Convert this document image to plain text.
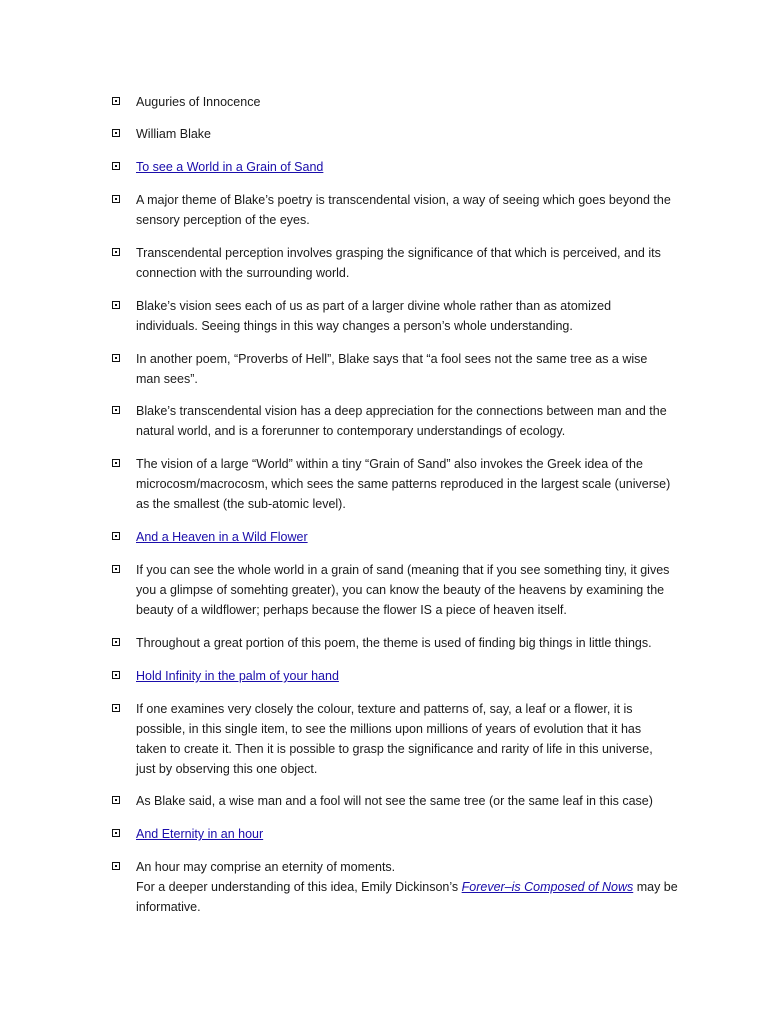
Auguries of Innocence
William Blake
To see a World in a Grain of Sand
A major theme of Blake’s poetry is transcendental vision, a way of seeing which goes beyond the
sensory perception of the eyes.
Transcendental perception involves grasping the significance of that which is perceived, and its
connection with the surrounding world.
Blake’s vision sees each of us as part of a larger divine whole rather than as atomized
individuals. Seeing things in this way changes a person’s whole understanding.
In another poem, “Proverbs of Hell”, Blake says that “a fool sees not the same tree as a wise
man sees”.
Blake’s transcendental vision has a deep appreciation for the connections between man and the
natural world, and is a forerunner to contemporary understandings of ecology.
The vision of a large “World” within a tiny “Grain of Sand” also invokes the Greek idea of the
microcosm/macrocosm, which sees the same patterns reproduced in the largest scale (universe)
as the smallest (the sub-atomic level).
And a Heaven in a Wild Flower
If you can see the whole world in a grain of sand (meaning that if you see something tiny, it gives
you a glimpse of somehting greater), you can know the beauty of the heavens by examining the
beauty of a wildflower; perhaps because the flower IS a piece of heaven itself.
Throughout a great portion of this poem, the theme is used of finding big things in little things.
Hold Infinity in the palm of your hand
If one examines very closely the colour, texture and patterns of, say, a leaf or a flower, it is
possible, in this single item, to see the millions upon millions of years of evolution that it has
taken to create it. Then it is possible to grasp the significance and rarity of life in this universe,
just by observing this one object.
As Blake said, a wise man and a fool will not see the same tree (or the same leaf in this case)
And Eternity in an hour
An hour may comprise an eternity of moments.
For a deeper understanding of this idea, Emily Dickinson’s Forever–is Composed of Nows may be
informative.
